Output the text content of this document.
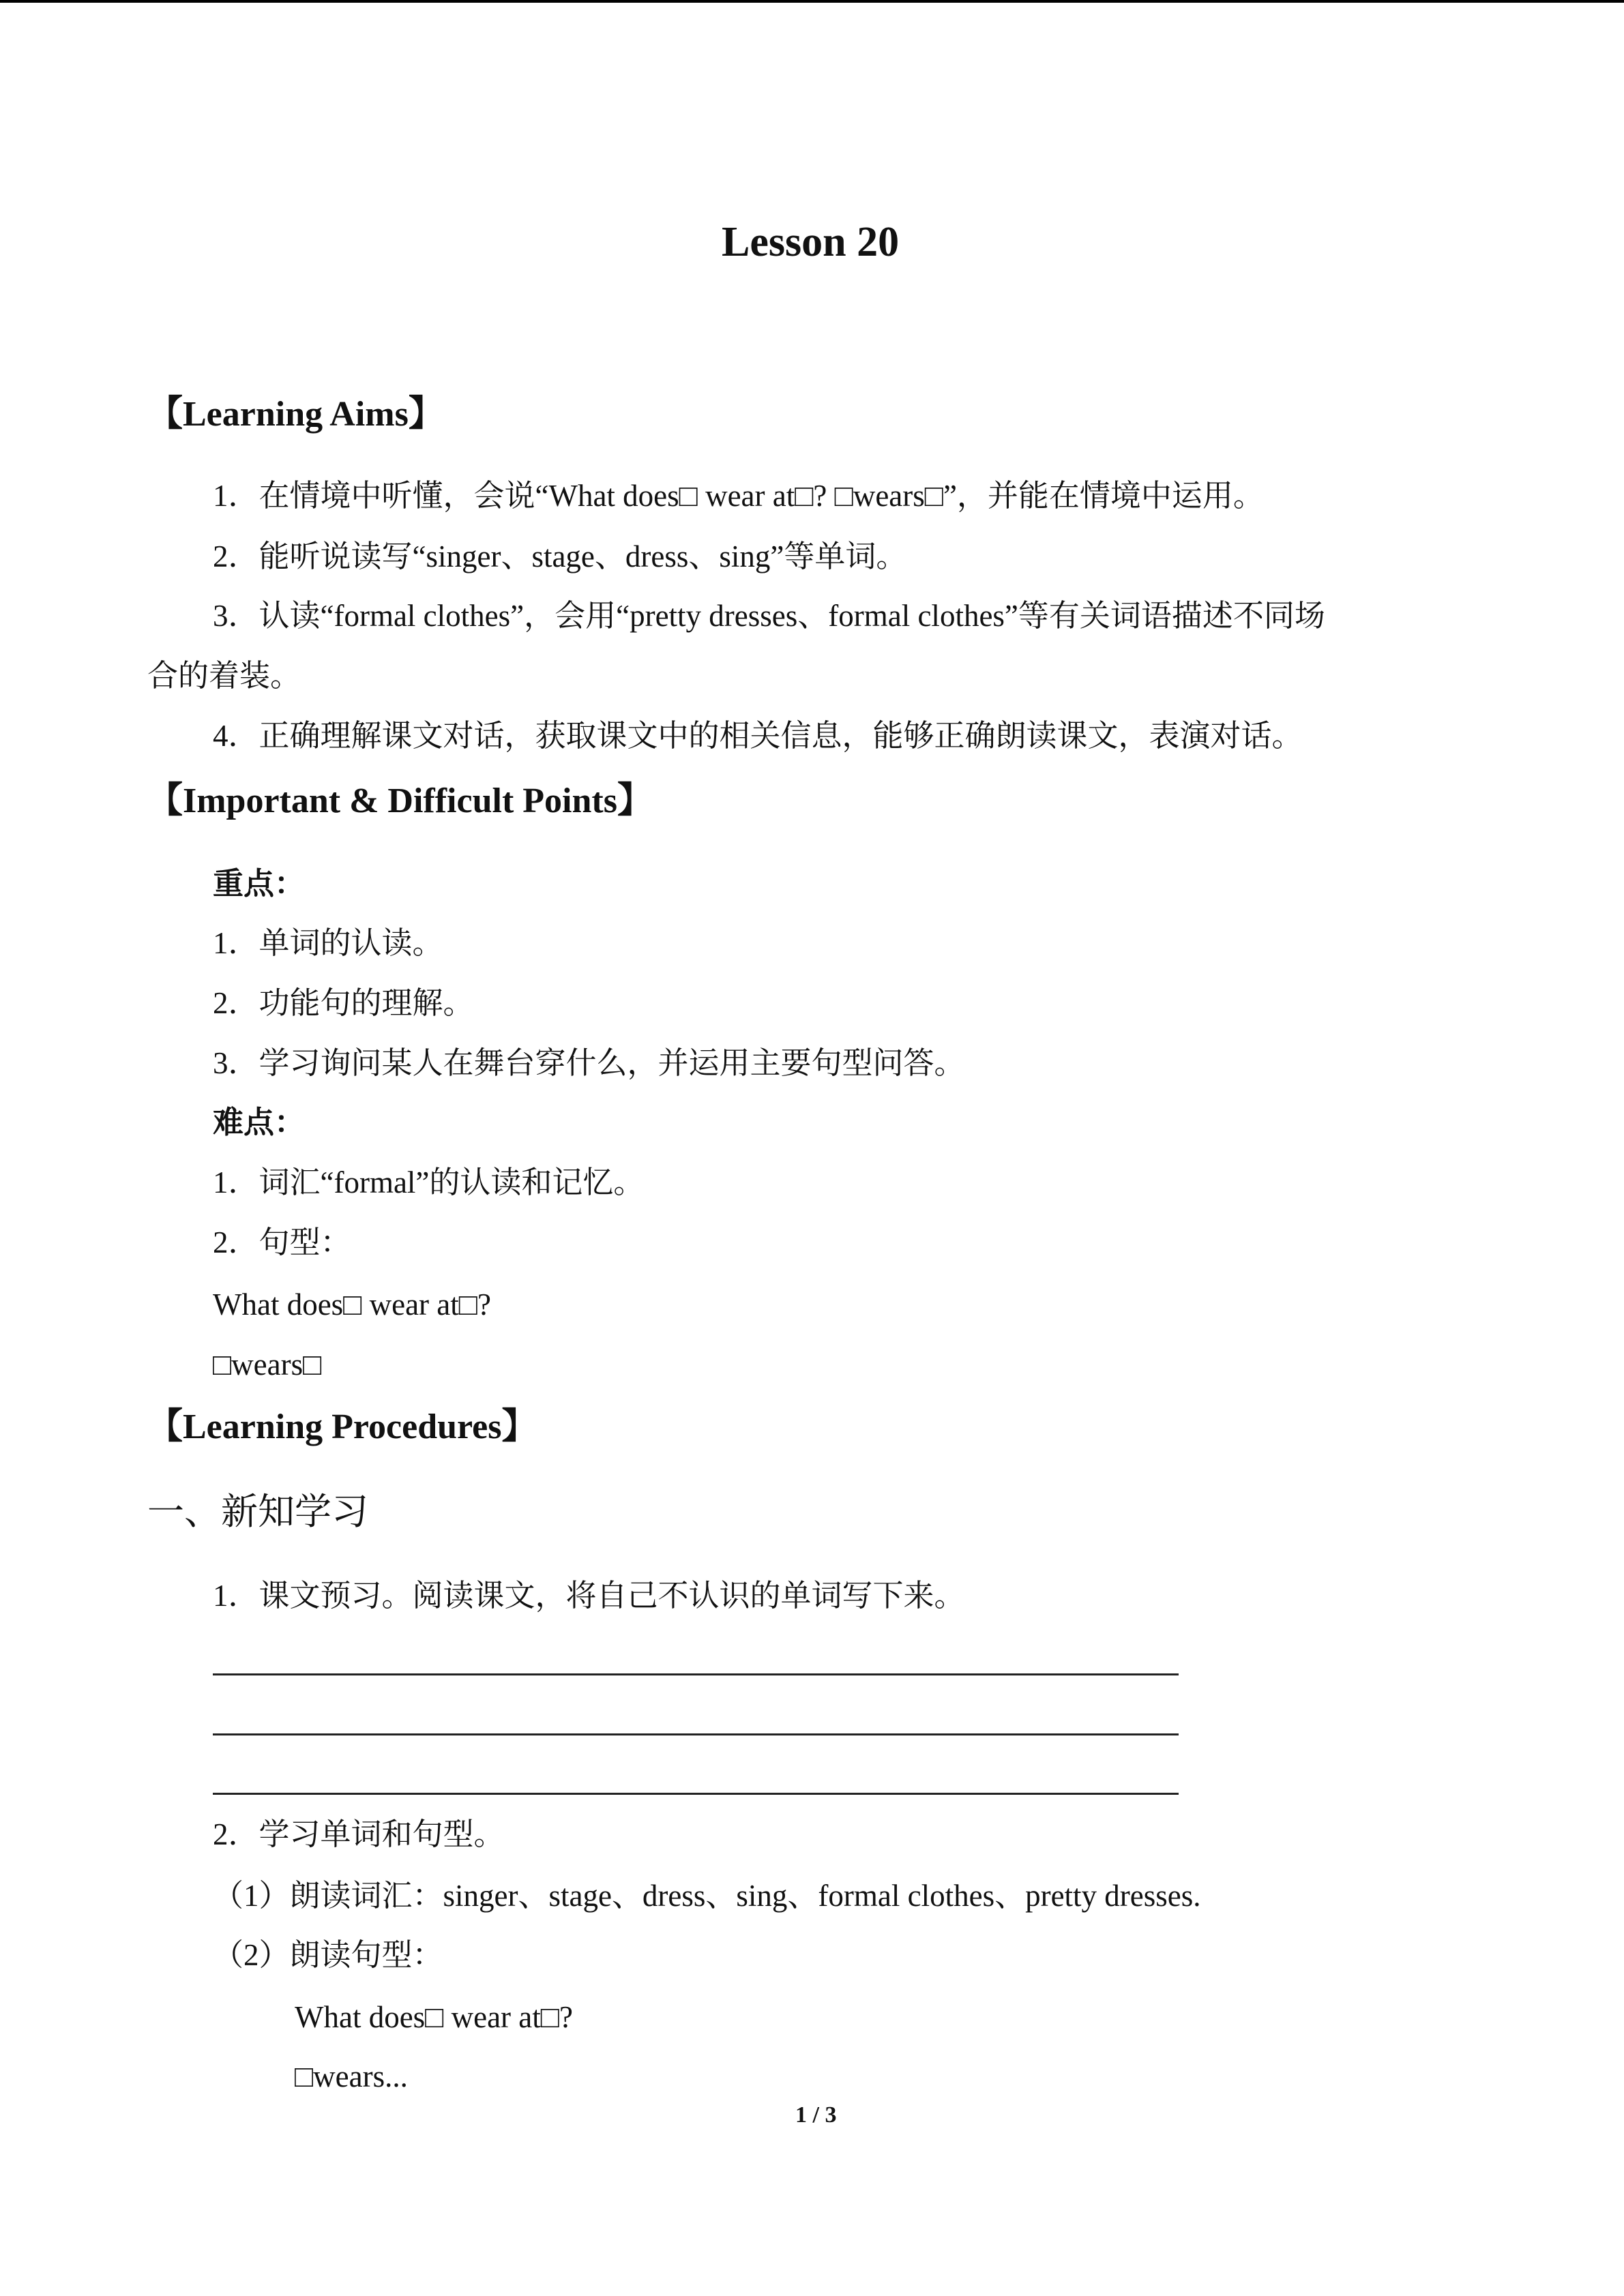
Lesson 20
【Learning Aims】
1．在情境中听懂，会说“What does□ wear at□? □wears□”，并能在情境中运用。
2．能听说读写“singer、stage、dress、sing”等单词。
3．认读“formal clothes”，会用“pretty dresses、formal clothes”等有关词语描述不同场
合的着装。
4．正确理解课文对话，获取课文中的相关信息，能够正确朗读课文，表演对话。
【Important & Difficult Points】
重点：
1．单词的认读。
2．功能句的理解。
3．学习询问某人在舞台穿什么，并运用主要句型问答。
难点：
1．词汇“formal”的认读和记忆。
2．句型：
What does□ wear at□?
□wears□
【Learning Procedures】
一、新知学习
1．课文预习。阅读课文，将自己不认识的单词写下来。
2．学习单词和句型。
（1）朗读词汇：singer、stage、dress、sing、formal clothes、pretty dresses.
（2）朗读句型：
What does□ wear at□?
□wears...
1 / 3
